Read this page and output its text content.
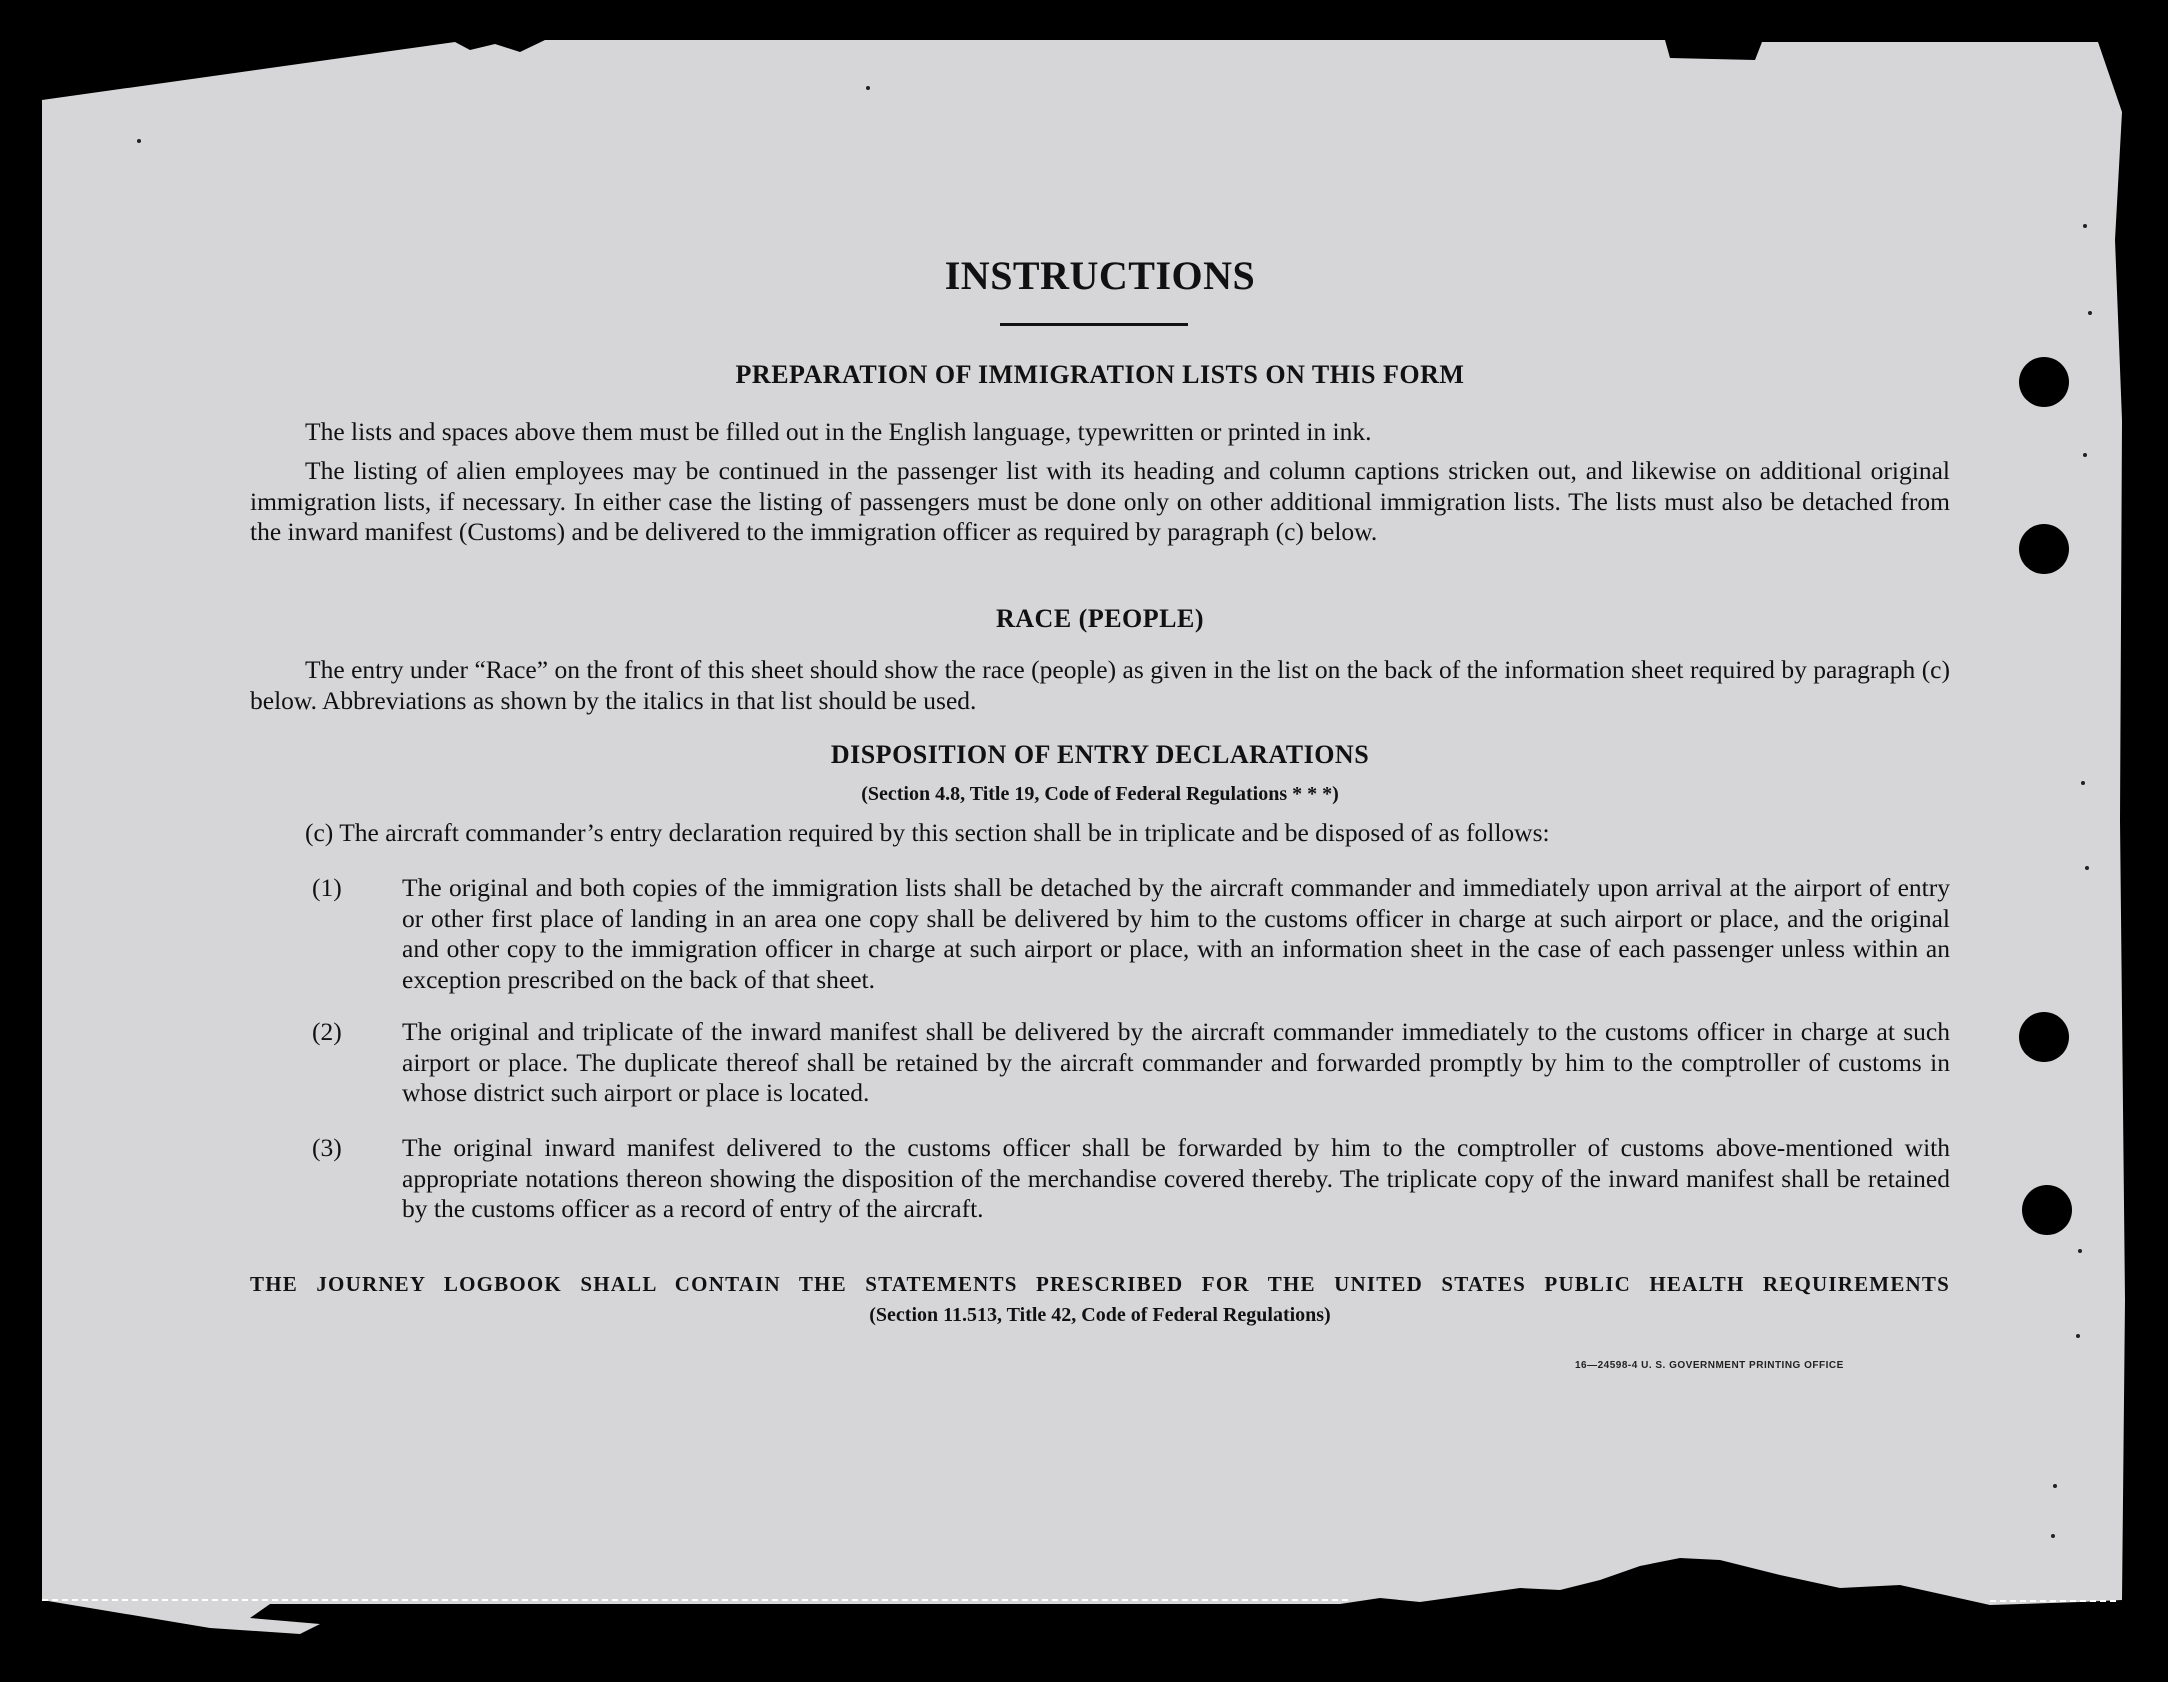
INSTRUCTIONS
PREPARATION OF IMMIGRATION LISTS ON THIS FORM
The lists and spaces above them must be filled out in the English language, typewritten or printed in ink.
The listing of alien employees may be continued in the passenger list with its heading and column captions stricken out, and likewise on additional original immigration lists, if necessary. In either case the listing of passengers must be done only on other additional immigration lists. The lists must also be detached from the inward manifest (Customs) and be delivered to the immigration officer as required by paragraph (c) below.
RACE (PEOPLE)
The entry under “Race” on the front of this sheet should show the race (people) as given in the list on the back of the information sheet required by paragraph (c) below. Abbreviations as shown by the italics in that list should be used.
DISPOSITION OF ENTRY DECLARATIONS
(Section 4.8, Title 19, Code of Federal Regulations * * *)
(c) The aircraft commander’s entry declaration required by this section shall be in triplicate and be disposed of as follows:
(1) The original and both copies of the immigration lists shall be detached by the aircraft commander and immediately upon arrival at the airport of entry or other first place of landing in an area one copy shall be delivered by him to the customs officer in charge at such airport or place, and the original and other copy to the immigration officer in charge at such airport or place, with an information sheet in the case of each passenger unless within an exception prescribed on the back of that sheet.
(2) The original and triplicate of the inward manifest shall be delivered by the aircraft commander immediately to the customs officer in charge at such airport or place. The duplicate thereof shall be retained by the aircraft commander and forwarded promptly by him to the comptroller of customs in whose district such airport or place is located.
(3) The original inward manifest delivered to the customs officer shall be forwarded by him to the comptroller of customs above-mentioned with appropriate notations thereon showing the disposition of the merchandise covered thereby. The triplicate copy of the inward manifest shall be retained by the customs officer as a record of entry of the aircraft.
THE JOURNEY LOGBOOK SHALL CONTAIN THE STATEMENTS PRESCRIBED FOR THE UNITED STATES PUBLIC HEALTH REQUIREMENTS
(Section 11.513, Title 42, Code of Federal Regulations)
16—24598-4 U. S. GOVERNMENT PRINTING OFFICE
